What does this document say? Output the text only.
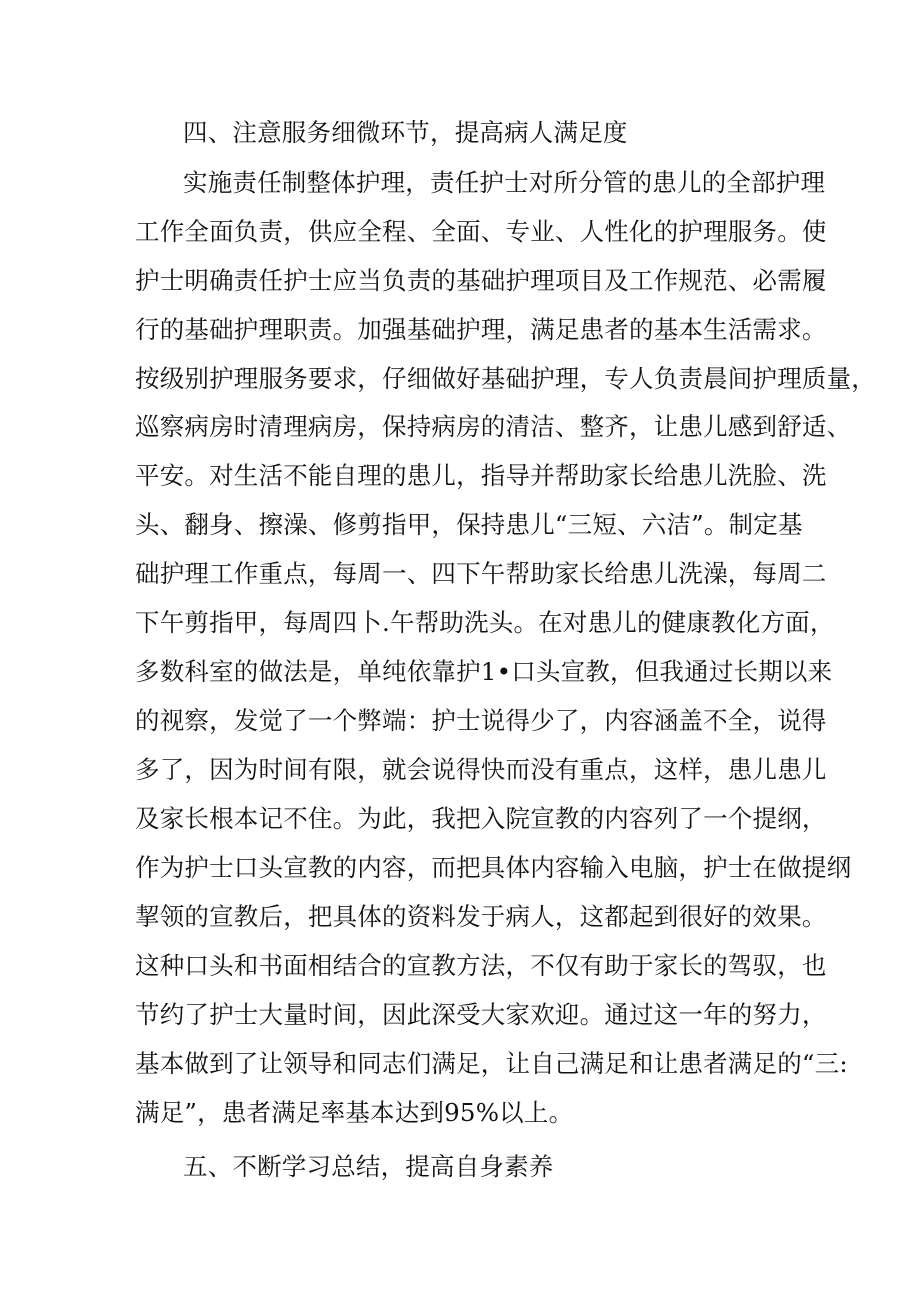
四、注意服务细微环节，提高病人满足度
实施责任制整体护理，责任护士对所分管的患儿的全部护理
工作全面负责，供应全程、全面、专业、人性化的护理服务。使
护士明确责任护士应当负责的基础护理项目及工作规范、必需履
行的基础护理职责。加强基础护理，满足患者的基本生活需求。
按级别护理服务要求，仔细做好基础护理，专人负责晨间护理质量，
巡察病房时清理病房，保持病房的清洁、整齐，让患儿感到舒适、
平安。对生活不能自理的患儿，指导并帮助家长给患儿洗脸、洗
头、翻身、擦澡、修剪指甲，保持患儿“三短、六洁”。制定基
础护理工作重点，每周一、四下午帮助家长给患儿洗澡，每周二
下午剪指甲，每周四卜.午帮助洗头。在对患儿的健康教化方面，
多数科室的做法是，单纯依靠护1•口头宣教，但我通过长期以来
的视察，发觉了一个弊端：护士说得少了，内容涵盖不全，说得
多了，因为时间有限，就会说得快而没有重点，这样，患儿患儿
及家长根本记不住。为此，我把入院宣教的内容列了一个提纲，
作为护士口头宣教的内容，而把具体内容输入电脑，护士在做提纲
挈领的宣教后，把具体的资料发于病人，这都起到很好的效果。
这种口头和书面相结合的宣教方法，不仅有助于家长的驾驭，也
节约了护士大量时间，因此深受大家欢迎。通过这一年的努力，
基本做到了让领导和同志们满足，让自己满足和让患者满足的“三:
满足”，患者满足率基本达到95%以上。
五、不断学习总结，提高自身素养
